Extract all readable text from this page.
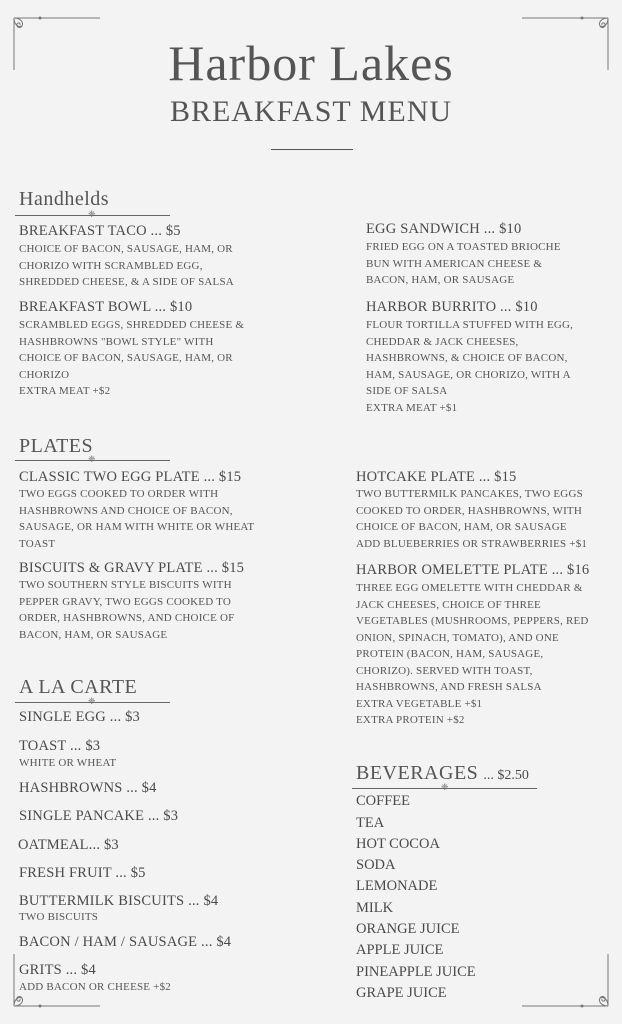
Harbor Lakes
BREAKFAST MENU
Handhelds
❈
BREAKFAST TACO ... $5
CHOICE OF BACON, SAUSAGE, HAM, OR
CHORIZO WITH SCRAMBLED EGG,
SHREDDED CHEESE, & A SIDE OF SALSA
BREAKFAST BOWL ... $10
SCRAMBLED EGGS, SHREDDED CHEESE &
HASHBROWNS "BOWL STYLE" WITH
CHOICE OF BACON, SAUSAGE, HAM, OR
CHORIZO
EXTRA MEAT +$2
EGG SANDWICH ... $10
FRIED EGG ON A TOASTED BRIOCHE
BUN WITH AMERICAN CHEESE &
BACON, HAM, OR SAUSAGE
HARBOR BURRITO ... $10
FLOUR TORTILLA STUFFED WITH EGG,
CHEDDAR & JACK CHEESES,
HASHBROWNS, & CHOICE OF BACON,
HAM, SAUSAGE, OR CHORIZO, WITH A
SIDE OF SALSA
EXTRA MEAT +$1
PLATES
❈
CLASSIC TWO EGG PLATE ... $15
TWO EGGS COOKED TO ORDER WITH
HASHBROWNS AND CHOICE OF BACON,
SAUSAGE, OR HAM WITH WHITE OR WHEAT
TOAST
BISCUITS & GRAVY PLATE ... $15
TWO SOUTHERN STYLE BISCUITS WITH
PEPPER GRAVY, TWO EGGS COOKED TO
ORDER, HASHBROWNS, AND CHOICE OF
BACON, HAM, OR SAUSAGE
HOTCAKE PLATE ... $15
TWO BUTTERMILK PANCAKES, TWO EGGS
COOKED TO ORDER, HASHBROWNS, WITH
CHOICE OF BACON, HAM, OR SAUSAGE
ADD BLUEBERRIES OR STRAWBERRIES +$1
HARBOR OMELETTE PLATE ... $16
THREE EGG OMELETTE WITH CHEDDAR &
JACK CHEESES, CHOICE OF THREE
VEGETABLES (MUSHROOMS, PEPPERS, RED
ONION, SPINACH, TOMATO), AND ONE
PROTEIN (BACON, HAM, SAUSAGE,
CHORIZO). SERVED WITH TOAST,
HASHBROWNS, AND FRESH SALSA
EXTRA VEGETABLE +$1
EXTRA PROTEIN +$2
A LA CARTE
❈
SINGLE EGG ... $3
TOAST ... $3
WHITE OR WHEAT
HASHBROWNS ... $4
SINGLE PANCAKE ... $3
OATMEAL... $3
FRESH FRUIT ... $5
BUTTERMILK BISCUITS ... $4
TWO BISCUITS
BACON / HAM / SAUSAGE ... $4
GRITS ... $4
ADD BACON OR CHEESE +$2
BEVERAGES ... $2.50
❈
COFFEE
TEA
HOT COCOA
SODA
LEMONADE
MILK
ORANGE JUICE
APPLE JUICE
PINEAPPLE JUICE
GRAPE JUICE
